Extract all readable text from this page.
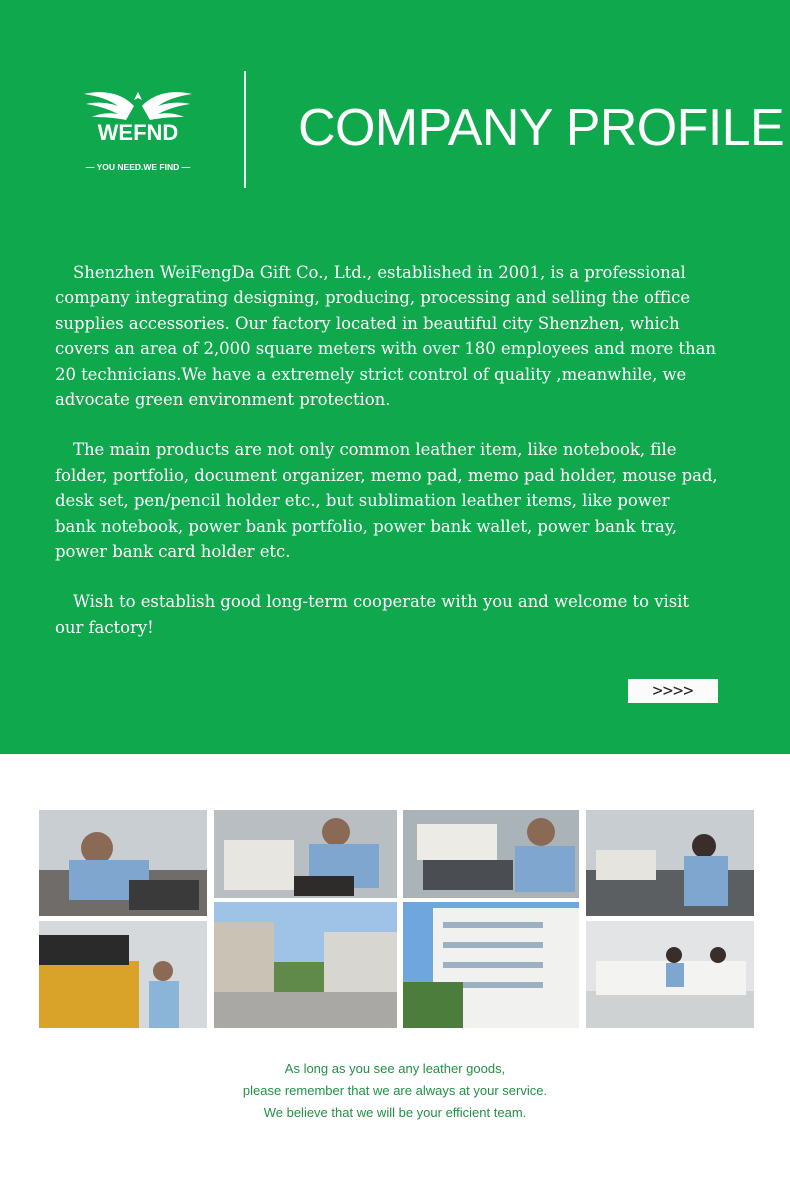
WEFND
— YOU NEED.WE FIND —
COMPANY PROFILE

Shenzhen WeiFengDa Gift Co., Ltd., established in 2001, is a professional
company integrating designing, producing, processing and selling the office
supplies accessories. Our factory located in beautiful city Shenzhen, which
covers an area of 2,000 square meters with over 180 employees and more than
20 technicians.We have a extremely strict control of quality ,meanwhile, we
advocate green environment protection.

The main products are not only common leather item, like notebook, file
folder, portfolio, document organizer, memo pad, memo pad holder, mouse pad,
desk set, pen/pencil holder etc., but sublimation leather items, like power
bank notebook, power bank portfolio, power bank wallet, power bank tray,
power bank card holder etc.

Wish to establish good long-term cooperate with you and welcome to visit
our factory!

>>>>
As long as you see any leather goods,
please remember that we are always at your service.
We believe that we will be your efficient team.
